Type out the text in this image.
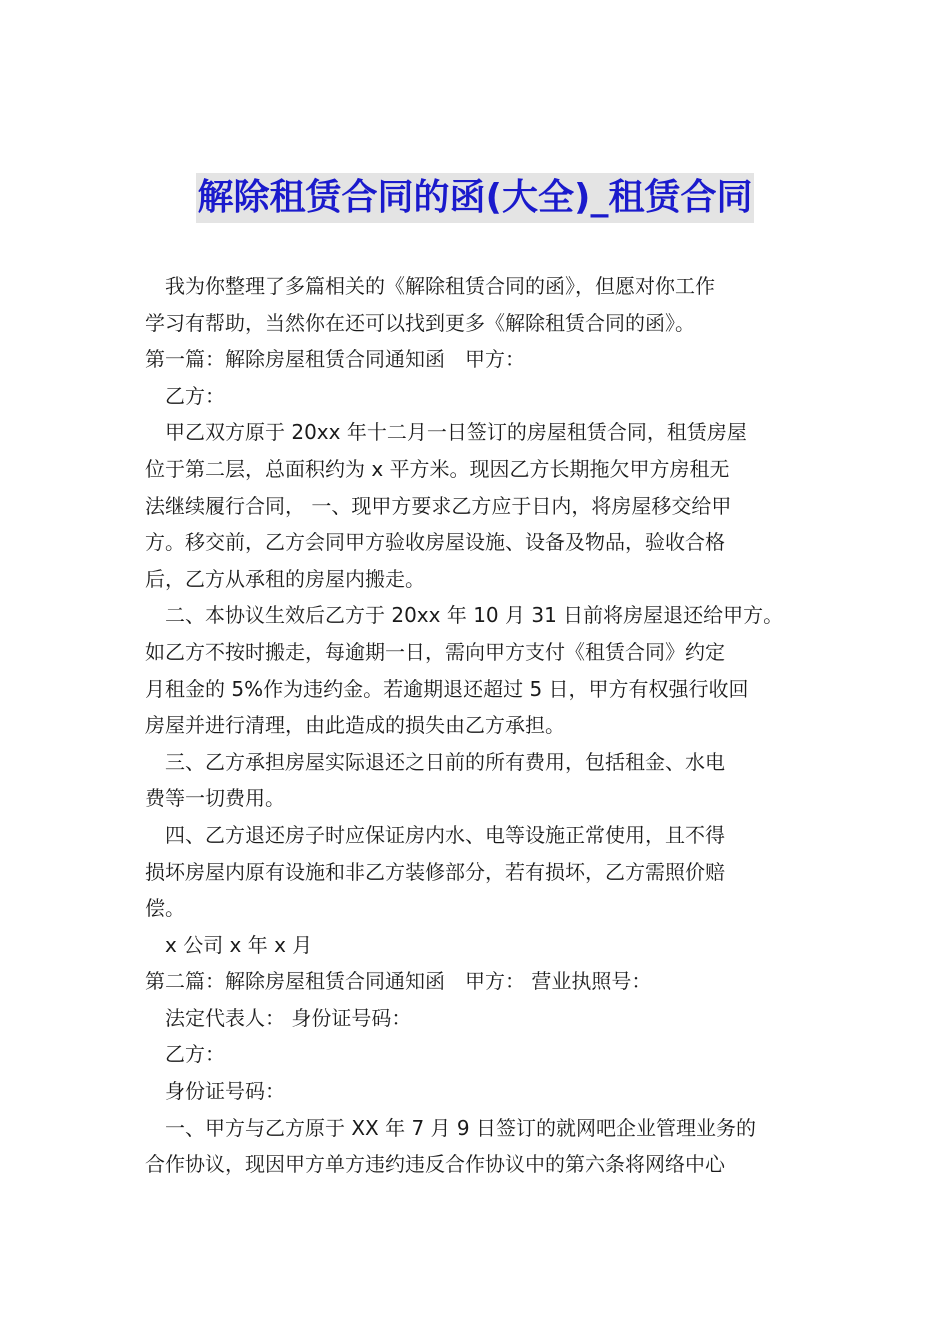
解除租赁合同的函(大全)_租赁合同

我为你整理了多篇相关的《解除租赁合同的函》，但愿对你工作

学习有帮助，当然你在还可以找到更多《解除租赁合同的函》。

第一篇：解除房屋租赁合同通知函　甲方：

乙方：

甲乙双方原于 20xx 年十二月一日签订的房屋租赁合同，租赁房屋

位于第二层，总面积约为 x 平方米。现因乙方长期拖欠甲方房租无

法继续履行合同， 一、现甲方要求乙方应于日内，将房屋移交给甲

方。移交前，乙方会同甲方验收房屋设施、设备及物品，验收合格

后，乙方从承租的房屋内搬走。

二、本协议生效后乙方于 20xx 年 10 月 31 日前将房屋退还给甲方。

如乙方不按时搬走，每逾期一日，需向甲方支付《租赁合同》约定

月租金的 5%作为违约金。若逾期退还超过 5 日，甲方有权强行收回

房屋并进行清理，由此造成的损失由乙方承担。

三、乙方承担房屋实际退还之日前的所有费用，包括租金、水电

费等一切费用。

四、乙方退还房子时应保证房内水、电等设施正常使用，且不得

损坏房屋内原有设施和非乙方装修部分，若有损坏，乙方需照价赔

偿。

x 公司 x 年 x 月

第二篇：解除房屋租赁合同通知函　甲方： 营业执照号：

法定代表人： 身份证号码：

乙方：

身份证号码：

一、甲方与乙方原于 XX 年 7 月 9 日签订的就网吧企业管理业务的

合作协议，现因甲方单方违约违反合作协议中的第六条将网络中心
